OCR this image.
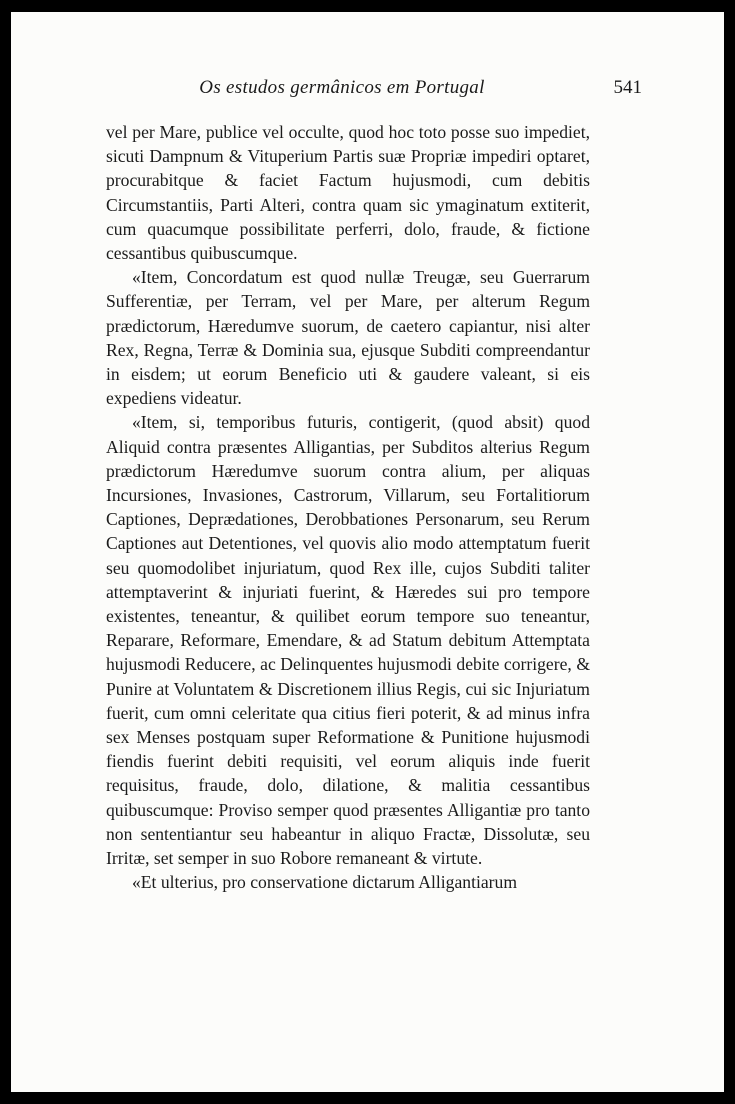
Os estudos germânicos em Portugal	541

vel per Mare, publice vel occulte, quod hoc toto posse suo impediet, sicuti Dampnum & Vituperium Partis suæ Propriæ impediri optaret, procurabitque & faciet Factum hujusmodi, cum debitis Circumstantiis, Parti Alteri, contra quam sic ymaginatum extiterit, cum quacumque possibilitate perferri, dolo, fraude, & fictione cessantibus quibuscumque.

«Item, Concordatum est quod nullæ Treugæ, seu Guerrarum Sufferentiæ, per Terram, vel per Mare, per alterum Regum prædictorum, Hæredumve suorum, de caetero capiantur, nisi alter Rex, Regna, Terræ & Dominia sua, ejusque Subditi compreendantur in eisdem; ut eorum Beneficio uti & gaudere valeant, si eis expediens videatur.

«Item, si, temporibus futuris, contigerit, (quod absit) quod Aliquid contra præsentes Alligantias, per Subditos alterius Regum prædictorum Hæredumve suorum contra alium, per aliquas Incursiones, Invasiones, Castrorum, Villarum, seu Fortalitiorum Captiones, Deprædationes, Derobbationes Personarum, seu Rerum Captiones aut Detentiones, vel quovis alio modo attemptatum fuerit seu quomodolibet injuriatum, quod Rex ille, cujos Subditi taliter attemptaverint & injuriati fuerint, & Hæredes sui pro tempore existentes, teneantur, & quilibet eorum tempore suo teneantur, Reparare, Reformare, Emendare, & ad Statum debitum Attemptata hujusmodi Reducere, ac Delinquentes hujusmodi debite corrigere, & Punire at Voluntatem & Discretionem illius Regis, cui sic Injuriatum fuerit, cum omni celeritate qua citius fieri poterit, & ad minus infra sex Menses postquam super Reformatione & Punitione hujusmodi fiendis fuerint debiti requisiti, vel eorum aliquis inde fuerit requisitus, fraude, dolo, dilatione, & malitia cessantibus quibuscumque: Proviso semper quod præsentes Alligantiæ pro tanto non sententiantur seu habeantur in aliquo Fractæ, Dissolutæ, seu Irritæ, set semper in suo Robore remaneant & virtute.

«Et ulterius, pro conservatione dictarum Alligantiarum
